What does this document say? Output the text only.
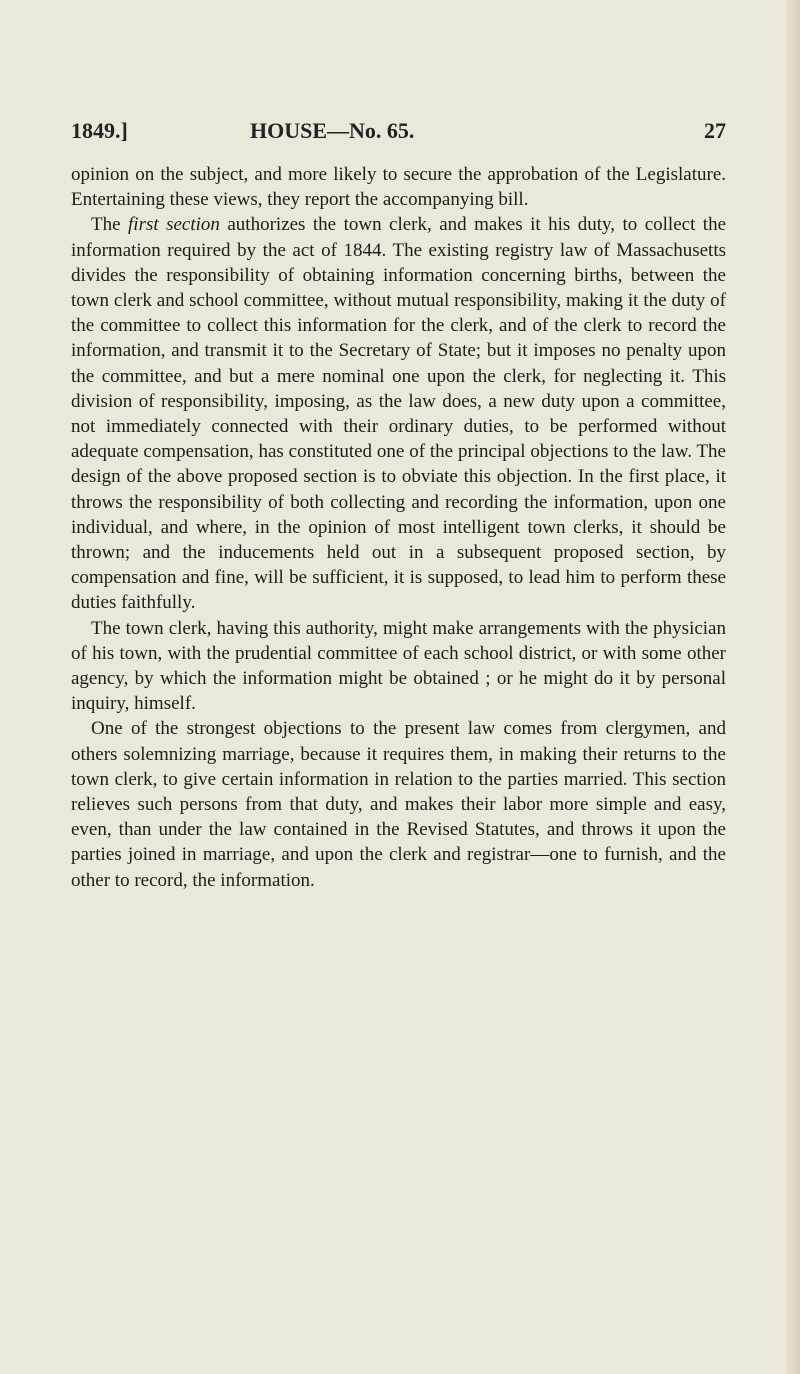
1849.]	HOUSE—No. 65.	27

opinion on the subject, and more likely to secure the approbation of the Legislature. Entertaining these views, they report the accompanying bill.

The first section authorizes the town clerk, and makes it his duty, to collect the information required by the act of 1844. The existing registry law of Massachusetts divides the responsibility of obtaining information concerning births, between the town clerk and school committee, without mutual responsibility, making it the duty of the committee to collect this information for the clerk, and of the clerk to record the information, and transmit it to the Secretary of State; but it imposes no penalty upon the committee, and but a mere nominal one upon the clerk, for neglecting it. This division of responsibility, imposing, as the law does, a new duty upon a committee, not immediately connected with their ordinary duties, to be performed without adequate compensation, has constituted one of the principal objections to the law. The design of the above proposed section is to obviate this objection. In the first place, it throws the responsibility of both collecting and recording the information, upon one individual, and where, in the opinion of most intelligent town clerks, it should be thrown; and the inducements held out in a subsequent proposed section, by compensation and fine, will be sufficient, it is supposed, to lead him to perform these duties faithfully.

The town clerk, having this authority, might make arrangements with the physician of his town, with the prudential committee of each school district, or with some other agency, by which the information might be obtained ; or he might do it by personal inquiry, himself.

One of the strongest objections to the present law comes from clergymen, and others solemnizing marriage, because it requires them, in making their returns to the town clerk, to give certain information in relation to the parties married. This section relieves such persons from that duty, and makes their labor more simple and easy, even, than under the law contained in the Revised Statutes, and throws it upon the parties joined in marriage, and upon the clerk and registrar—one to furnish, and the other to record, the information.
